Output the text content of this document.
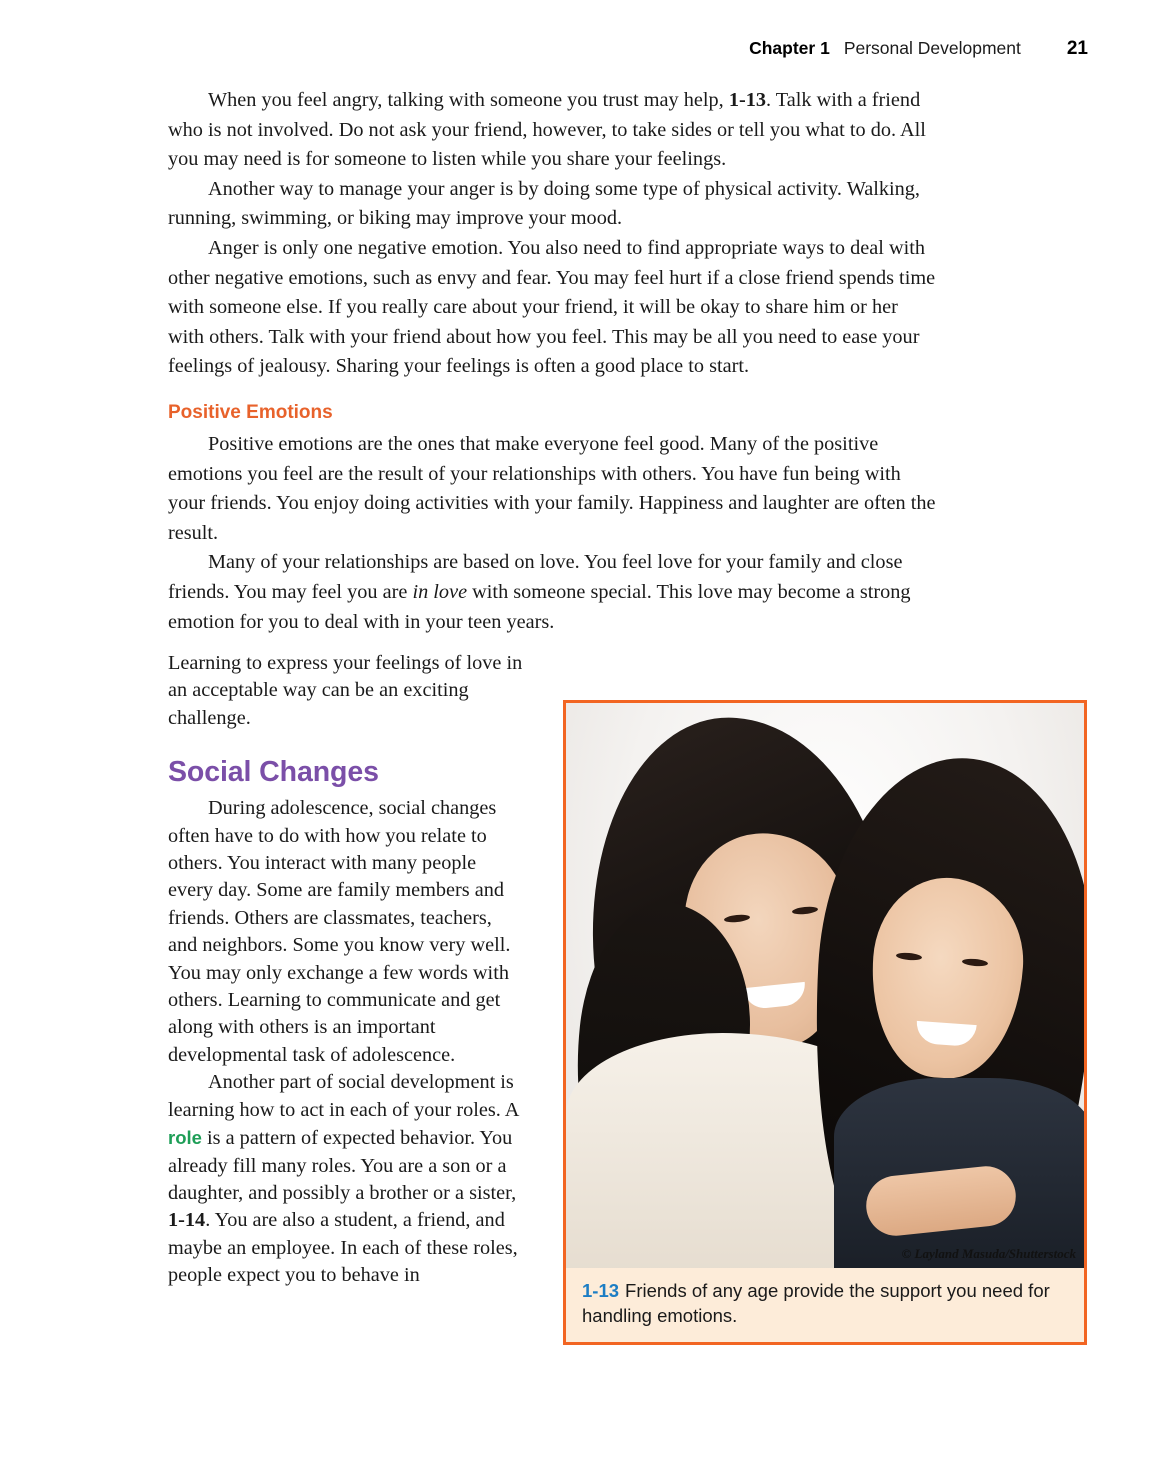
Chapter 1 Personal Development 21

When you feel angry, talking with someone you trust may help, 1-13. Talk with a friend who is not involved. Do not ask your friend, however, to take sides or tell you what to do. All you may need is for someone to listen while you share your feelings.

Another way to manage your anger is by doing some type of physical activity. Walking, running, swimming, or biking may improve your mood.

Anger is only one negative emotion. You also need to find appropriate ways to deal with other negative emotions, such as envy and fear. You may feel hurt if a close friend spends time with someone else. If you really care about your friend, it will be okay to share him or her with others. Talk with your friend about how you feel. This may be all you need to ease your feelings of jealousy. Sharing your feelings is often a good place to start.

Positive Emotions

Positive emotions are the ones that make everyone feel good. Many of the positive emotions you feel are the result of your relationships with others. You have fun being with your friends. You enjoy doing activities with your family. Happiness and laughter are often the result.

Many of your relationships are based on love. You feel love for your family and close friends. You may feel you are in love with someone special. This love may become a strong emotion for you to deal with in your teen years.

Learning to express your feelings of love in an acceptable way can be an exciting challenge.

Social Changes

During adolescence, social changes often have to do with how you relate to others. You interact with many people every day. Some are family members and friends. Others are classmates, teachers, and neighbors. Some you know very well. You may only exchange a few words with others. Learning to communicate and get along with others is an important developmental task of adolescence.

Another part of social development is learning how to act in each of your roles. A role is a pattern of expected behavior. You already fill many roles. You are a son or a daughter, and possibly a brother or a sister, 1-14. You are also a student, a friend, and maybe an employee. In each of these roles, people expect you to behave in

© Layland Masuda/Shutterstock
1-13 Friends of any age provide the support you need for handling emotions.
